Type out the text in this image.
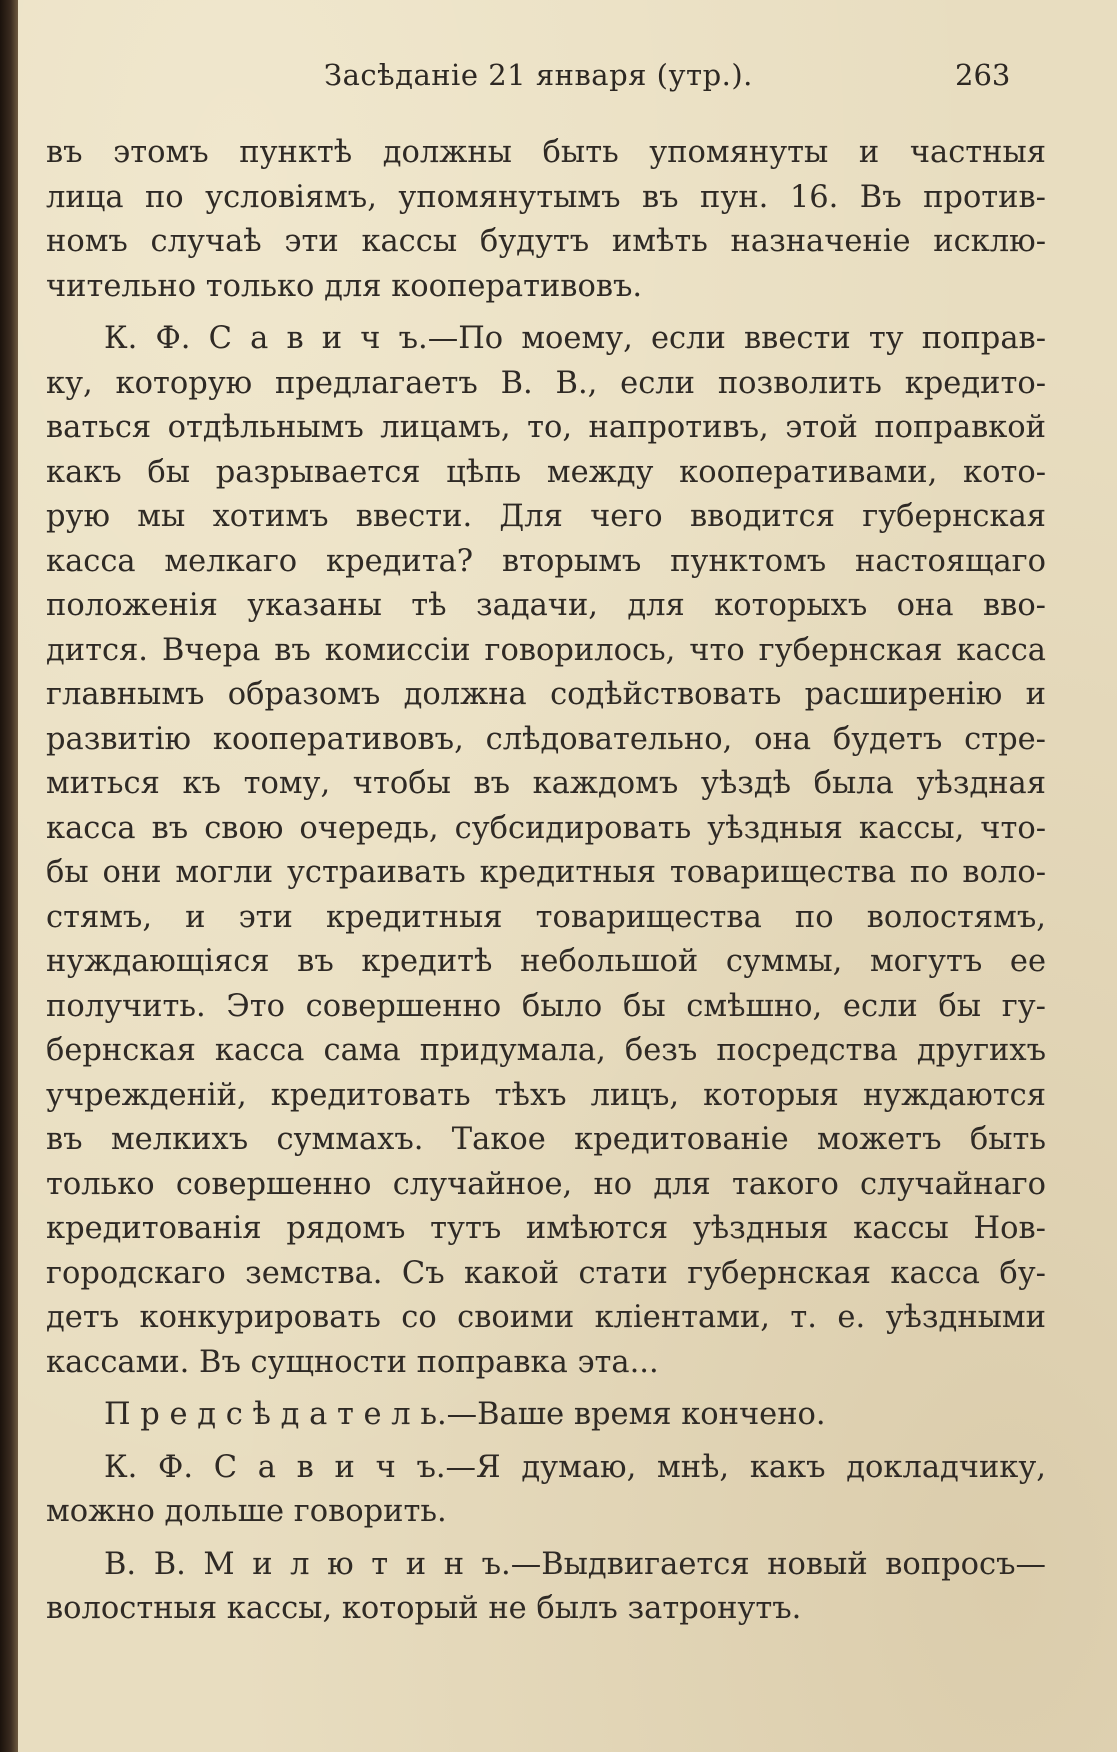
Засѣданіе 21 января (утр.).	263
въ этомъ пунктѣ должны быть упомянуты и частныя
лица по условіямъ, упомянутымъ въ пун. 16. Въ против-
номъ случаѣ эти кассы будутъ имѣть назначеніе исклю-
чительно только для кооперативовъ.
К. Ф. С а в и ч ъ.—По моему, если ввести ту поправ-
ку, которую предлагаетъ В. В., если позволить кредито-
ваться отдѣльнымъ лицамъ, то, напротивъ, этой поправкой
какъ бы разрывается цѣпь между кооперативами, кото-
рую мы хотимъ ввести. Для чего вводится губернская
касса мелкаго кредита? вторымъ пунктомъ настоящаго
положенія указаны тѣ задачи, для которыхъ она вво-
дится. Вчера въ комиссіи говорилось, что губернская касса
главнымъ образомъ должна содѣйствовать расширенію и
развитію кооперативовъ, слѣдовательно, она будетъ стре-
миться къ тому, чтобы въ каждомъ уѣздѣ была уѣздная
касса въ свою очередь, субсидировать уѣздныя кассы, что-
бы они могли устраивать кредитныя товарищества по воло-
стямъ, и эти кредитныя товарищества по волостямъ,
нуждающіяся въ кредитѣ небольшой суммы, могутъ ее
получить. Это совершенно было бы смѣшно, если бы гу-
бернская касса сама придумала, безъ посредства другихъ
учрежденій, кредитовать тѣхъ лицъ, которыя нуждаются
въ мелкихъ суммахъ. Такое кредитованіе можетъ быть
только совершенно случайное, но для такого случайнаго
кредитованія рядомъ тутъ имѣются уѣздныя кассы Нов-
городскаго земства. Съ какой стати губернская касса бу-
детъ конкурировать со своими кліентами, т. е. уѣздными
кассами. Въ сущности поправка эта...
П р е д с ѣ д а т е л ь.—Ваше время кончено.
К. Ф. С а в и ч ъ.—Я думаю, мнѣ, какъ докладчику,
можно дольше говорить.
В. В. М и л ю т и н ъ.—Выдвигается новый вопросъ—
волостныя кассы, который не былъ затронутъ.
